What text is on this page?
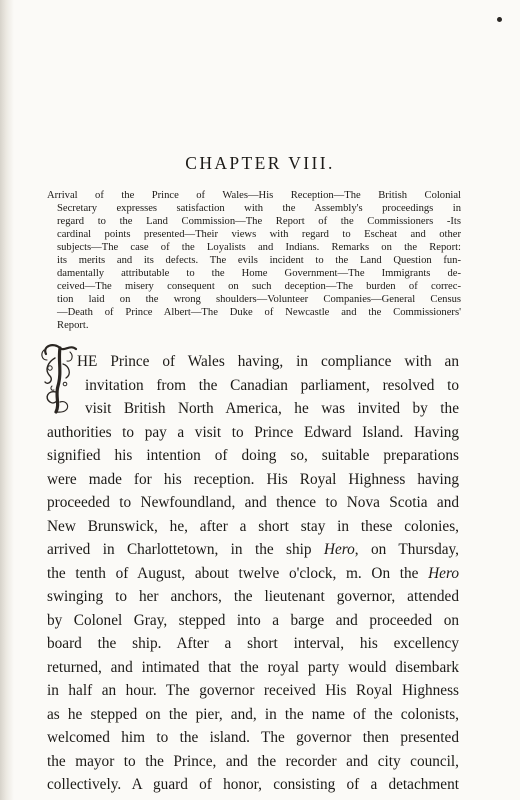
CHAPTER VIII.
Arrival of the Prince of Wales—His Reception—The British Colonial
Secretary expresses satisfaction with the Assembly's proceedings in
regard to the Land Commission—The Report of the Commissioners -Its
cardinal points presented—Their views with regard to Escheat and other
subjects—The case of the Loyalists and Indians. Remarks on the Report:
its merits and its defects. The evils incident to the Land Question fun-
damentally attributable to the Home Government—The Immigrants de-
ceived—The misery consequent on such deception—The burden of correc-
tion laid on the wrong shoulders—Volunteer Companies—General Census
—Death of Prince Albert—The Duke of Newcastle and the Commissioners'
Report.
HE Prince of Wales having, in compliance with an
invitation from the Canadian parliament, resolved to
visit British North America, he was invited by the
authorities to pay a visit to Prince Edward Island. Having
signified his intention of doing so, suitable preparations
were made for his reception. His Royal Highness having
proceeded to Newfoundland, and thence to Nova Scotia and
New Brunswick, he, after a short stay in these colonies,
arrived in Charlottetown, in the ship Hero, on Thursday,
the tenth of August, about twelve o'clock, m. On the Hero
swinging to her anchors, the lieutenant governor, attended
by Colonel Gray, stepped into a barge and proceeded on
board the ship. After a short interval, his excellency
returned, and intimated that the royal party would disembark
in half an hour. The governor received His Royal Highness
as he stepped on the pier, and, in the name of the colonists,
welcomed him to the island. The governor then presented
the mayor to the Prince, and the recorder and city council,
collectively. A guard of honor, consisting of a detachment
